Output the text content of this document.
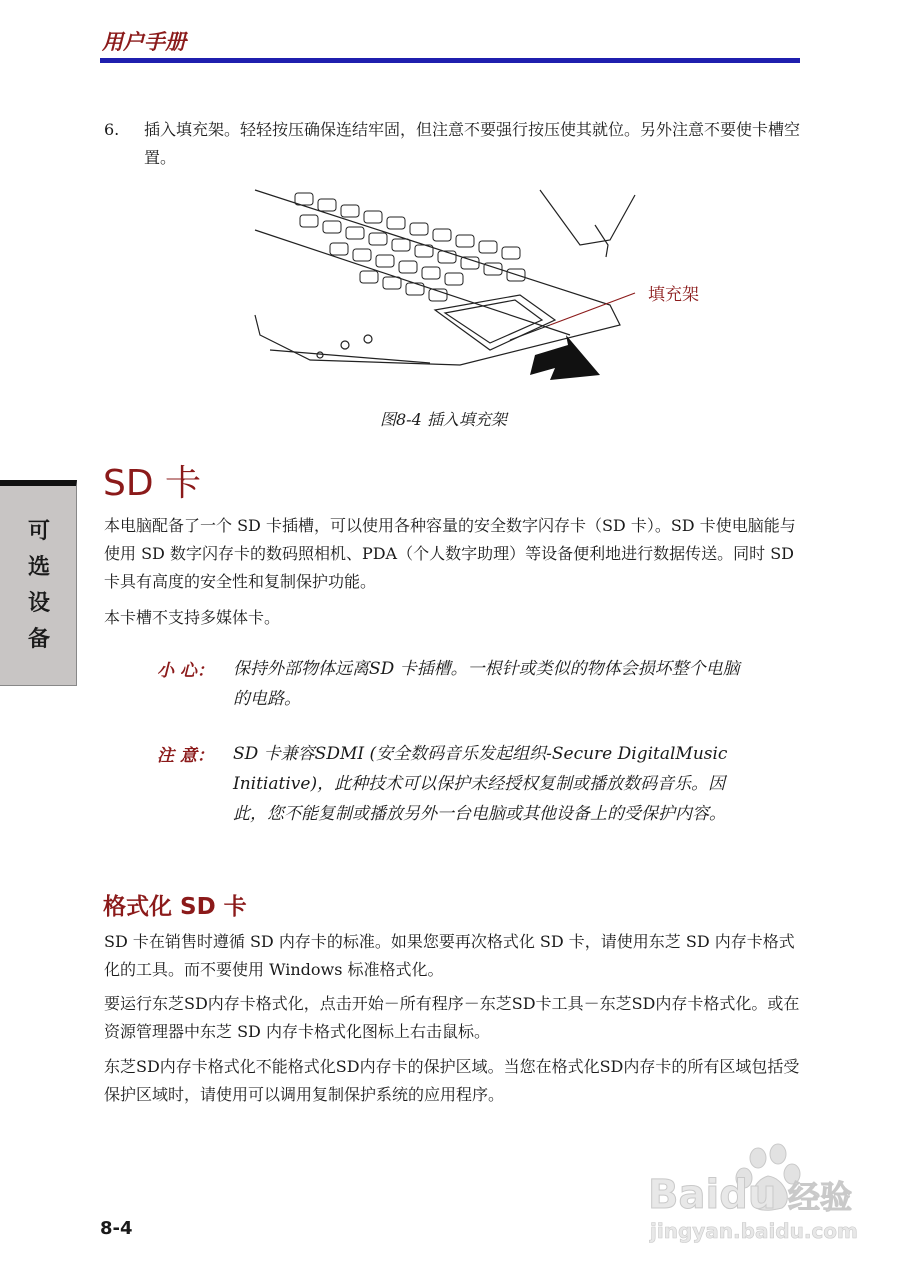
用户手册
6. 插入填充架。轻轻按压确保连结牢固，但注意不要强行按压使其就位。另外注意不要使卡槽空置。
填充架
图8-4 插入填充架
可
选
设
备
SD 卡
本电脑配备了一个 SD 卡插槽，可以使用各种容量的安全数字闪存卡（SD 卡）。SD 卡使电脑能与使用 SD 数字闪存卡的数码照相机、PDA（个人数字助理）等设备便利地进行数据传送。同时 SD 卡具有高度的安全性和复制保护功能。
本卡槽不支持多媒体卡。
小 心： 保持外部物体远离SD 卡插槽。一根针或类似的物体会损坏整个电脑的电路。
注 意： SD 卡兼容SDMI (安全数码音乐发起组织-Secure DigitalMusic Initiative)，此种技术可以保护未经授权复制或播放数码音乐。因此，您不能复制或播放另外一台电脑或其他设备上的受保护内容。
格式化 SD 卡
SD 卡在销售时遵循 SD 内存卡的标准。如果您要再次格式化 SD 卡，请使用东芝 SD 内存卡格式化的工具。而不要使用 Windows 标准格式化。
要运行东芝SD内存卡格式化，点击开始－所有程序－东芝SD卡工具－东芝SD内存卡格式化。或在资源管理器中东芝 SD 内存卡格式化图标上右击鼠标。
东芝SD内存卡格式化不能格式化SD内存卡的保护区域。当您在格式化SD内存卡的所有区域包括受保护区域时，请使用可以调用复制保护系统的应用程序。
8-4
Baidu 经验
jingyan.baidu.com
